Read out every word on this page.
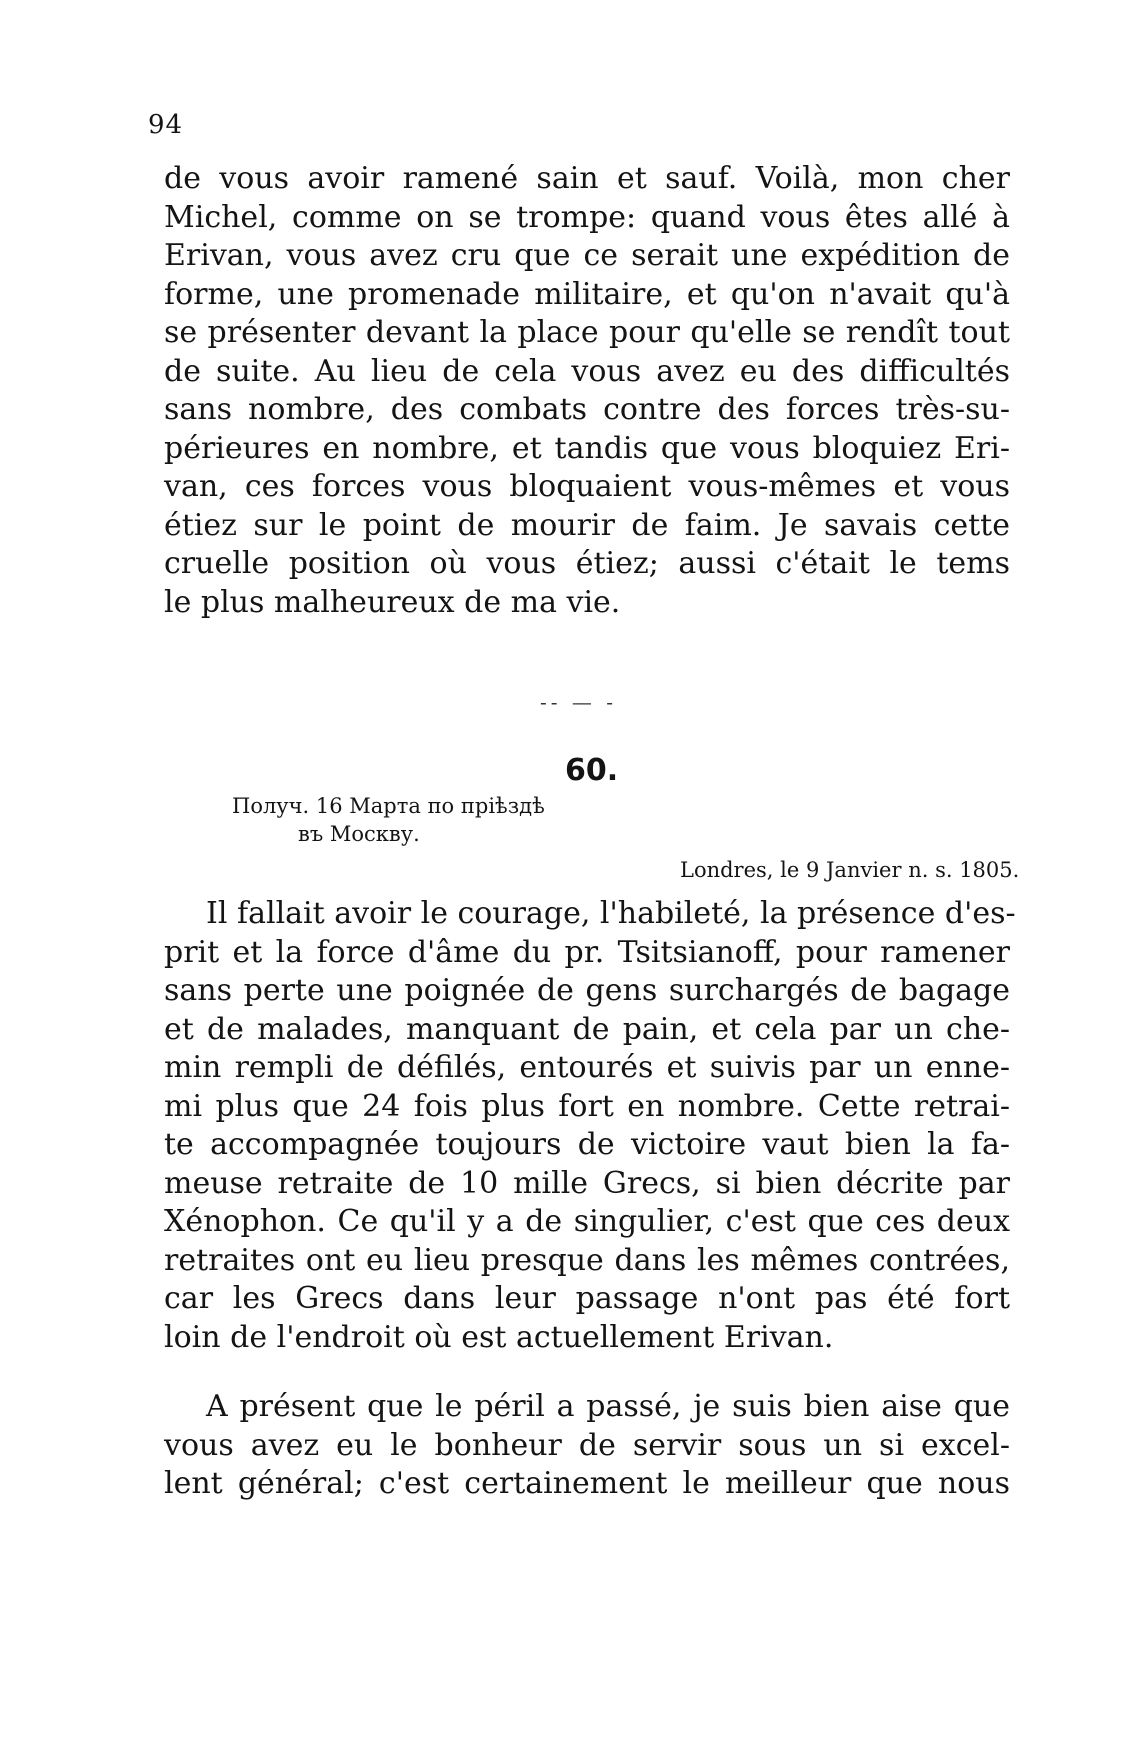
94

de vous avoir ramené sain et sauf. Voilà, mon cher
Michel, comme on se trompe: quand vous êtes allé à
Erivan, vous avez cru que ce serait une expédition de
forme, une promenade militaire, et qu'on n'avait qu'à
se présenter devant la place pour qu'elle se rendît tout
de suite. Au lieu de cela vous avez eu des difficultés
sans nombre, des combats contre des forces très-su-
périeures en nombre, et tandis que vous bloquiez Eri-
van, ces forces vous bloquaient vous-mêmes et vous
étiez sur le point de mourir de faim. Je savais cette
cruelle position où vous étiez; aussi c'était le tems
le plus malheureux de ma vie.

-- — -
60.
Получ. 16 Марта по пріѣздѣ
въ Москву.
Londres, le 9 Janvier n. s. 1805.

Il fallait avoir le courage, l'habileté, la présence d'es-
prit et la force d'âme du pr. Tsitsianoff, pour ramener
sans perte une poignée de gens surchargés de bagage
et de malades, manquant de pain, et cela par un che-
min rempli de défilés, entourés et suivis par un enne-
mi plus que 24 fois plus fort en nombre. Cette retrai-
te accompagnée toujours de victoire vaut bien la fa-
meuse retraite de 10 mille Grecs, si bien décrite par
Xénophon. Ce qu'il y a de singulier, c'est que ces deux
retraites ont eu lieu presque dans les mêmes contrées,
car les Grecs dans leur passage n'ont pas été fort
loin de l'endroit où est actuellement Erivan.

A présent que le péril a passé, je suis bien aise que
vous avez eu le bonheur de servir sous un si excel-
lent général; c'est certainement le meilleur que nous
